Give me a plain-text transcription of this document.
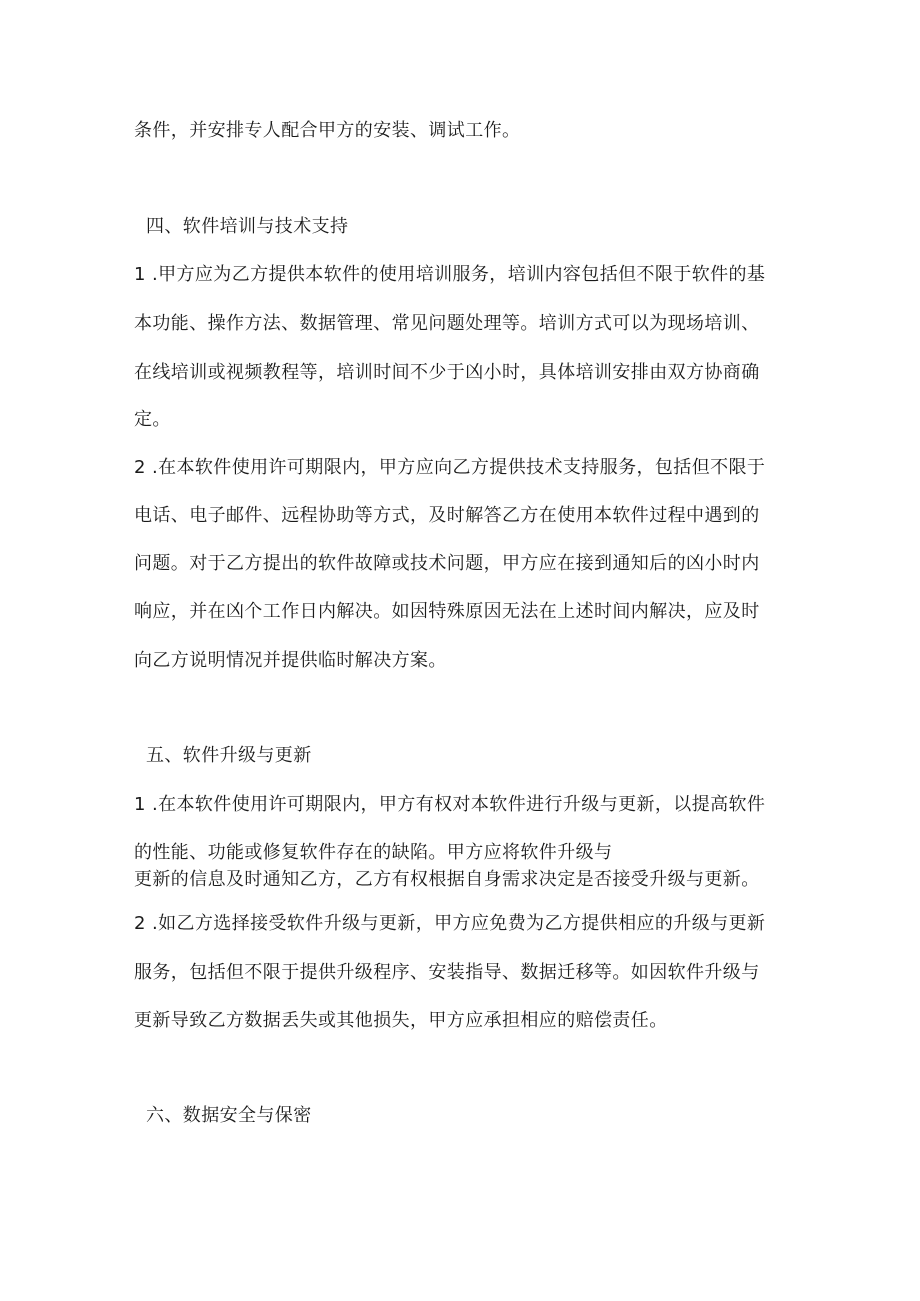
条件，并安排专人配合甲方的安装、调试工作。
四、软件培训与技术支持
1 .甲方应为乙方提供本软件的使用培训服务，培训内容包括但不限于软件的基
本功能、操作方法、数据管理、常见问题处理等。培训方式可以为现场培训、
在线培训或视频教程等，培训时间不少于凶小时，具体培训安排由双方协商确
定。
2 .在本软件使用许可期限内，甲方应向乙方提供技术支持服务，包括但不限于
电话、电子邮件、远程协助等方式，及时解答乙方在使用本软件过程中遇到的
问题。对于乙方提出的软件故障或技术问题，甲方应在接到通知后的凶小时内
响应，并在凶个工作日内解决。如因特殊原因无法在上述时间内解决，应及时
向乙方说明情况并提供临时解决方案。
五、软件升级与更新
1 .在本软件使用许可期限内，甲方有权对本软件进行升级与更新，以提高软件
的性能、功能或修复软件存在的缺陷。甲方应将软件升级与
更新的信息及时通知乙方，乙方有权根据自身需求决定是否接受升级与更新。
2 .如乙方选择接受软件升级与更新，甲方应免费为乙方提供相应的升级与更新
服务，包括但不限于提供升级程序、安装指导、数据迁移等。如因软件升级与
更新导致乙方数据丢失或其他损失，甲方应承担相应的赔偿责任。
六、数据安全与保密
